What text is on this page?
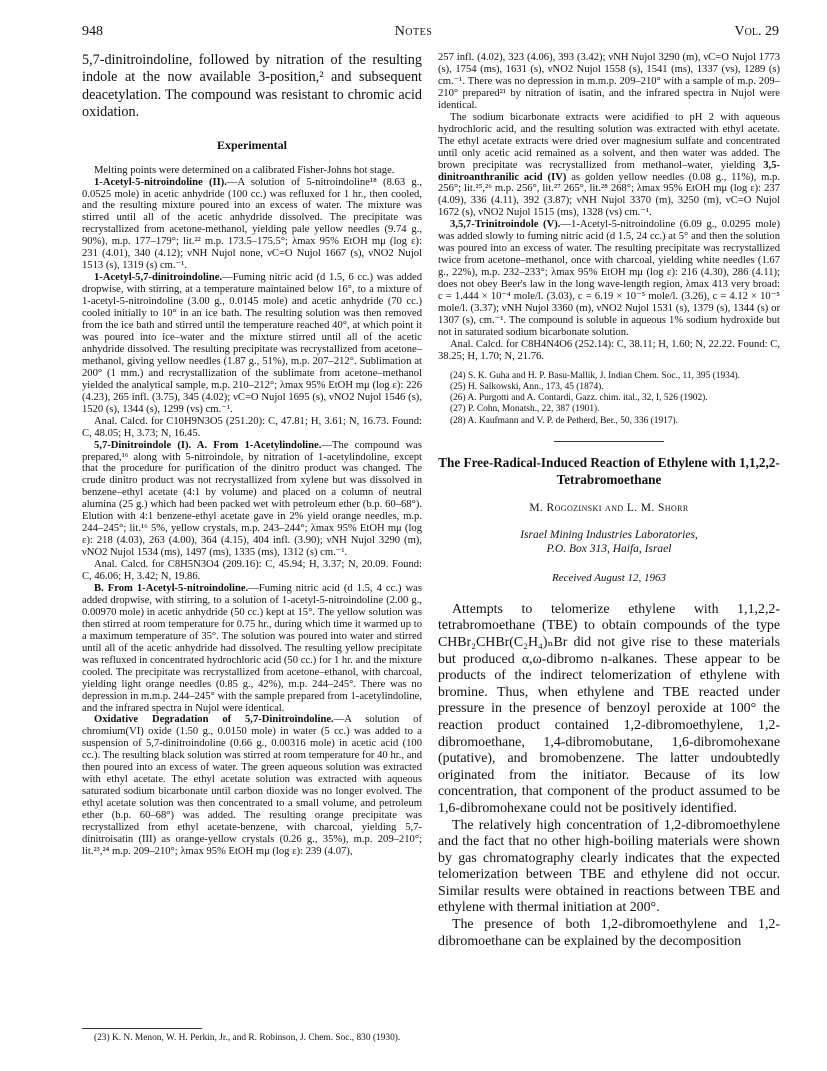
948	Notes	Vol. 29

5,7-dinitroindoline, followed by nitration of the resulting indole at the now available 3-position,² and subsequent deacetylation. The compound was resistant to chromic acid oxidation.

Experimental

Melting points were determined on a calibrated Fisher-Johns hot stage.

1-Acetyl-5-nitroindoline (II).—A solution of 5-nitroindoline¹⁸ (8.63 g., 0.0525 mole) in acetic anhydride (100 cc.) was refluxed for 1 hr., then cooled, and the resulting mixture poured into an excess of water. The mixture was stirred until all of the acetic anhydride dissolved. The precipitate was recrystallized from acetone-methanol, yielding pale yellow needles (9.74 g., 90%), m.p. 177–179°; lit.²² m.p. 173.5–175.5°; λmax 95% EtOH mμ (log ε): 231 (4.01), 340 (4.12); νNH Nujol none, νC=O Nujol 1667 (s), νNO2 Nujol 1513 (s), 1319 (s) cm.⁻¹.

1-Acetyl-5,7-dinitroindoline.—Fuming nitric acid (d 1.5, 6 cc.) was added dropwise, with stirring, at a temperature maintained below 16°, to a mixture of 1-acetyl-5-nitroindoline (3.00 g., 0.0145 mole) and acetic anhydride (70 cc.) cooled initially to 10° in an ice bath. The resulting solution was then removed from the ice bath and stirred until the temperature reached 40°, at which point it was poured into ice–water and the mixture stirred until all of the acetic anhydride dissolved. The resulting precipitate was recrystallized from acetone–methanol, giving yellow needles (1.87 g., 51%), m.p. 207–212°. Sublimation at 200° (1 mm.) and recrystallization of the sublimate from acetone–methanol yielded the analytical sample, m.p. 210–212°; λmax 95% EtOH mμ (log ε): 226 (4.23), 265 infl. (3.75), 345 (4.02); νC=O Nujol 1695 (s), νNO2 Nujol 1546 (s), 1520 (s), 1344 (s), 1299 (vs) cm.⁻¹.

Anal. Calcd. for C10H9N3O5 (251.20): C, 47.81; H, 3.61; N, 16.73. Found: C, 48.05; H, 3.73; N, 16.45.

5,7-Dinitroindole (I). A. From 1-Acetylindoline.—The compound was prepared,¹⁶ along with 5-nitroindole, by nitration of 1-acetylindoline, except that the procedure for purification of the dinitro product was changed. The crude dinitro product was not recrystallized from xylene but was dissolved in benzene–ethyl acetate (4:1 by volume) and placed on a column of neutral alumina (25 g.) which had been packed wet with petroleum ether (b.p. 60–68°). Elution with 4:1 benzene-ethyl acetate gave in 2% yield orange needles, m.p. 244–245°; lit.¹⁶ 5%, yellow crystals, m.p. 243–244°; λmax 95% EtOH mμ (log ε): 218 (4.03), 263 (4.00), 364 (4.15), 404 infl. (3.90); νNH Nujol 3290 (m), νNO2 Nujol 1534 (ms), 1497 (ms), 1335 (ms), 1312 (s) cm.⁻¹.

Anal. Calcd. for C8H5N3O4 (209.16): C, 45.94; H, 3.37; N, 20.09. Found: C, 46.06; H, 3.42; N, 19.86.

B. From 1-Acetyl-5-nitroindoline.—Fuming nitric acid (d 1.5, 4 cc.) was added dropwise, with stirring, to a solution of 1-acetyl-5-nitroindoline (2.00 g., 0.00970 mole) in acetic anhydride (50 cc.) kept at 15°. The yellow solution was then stirred at room temperature for 0.75 hr., during which time it warmed up to a maximum temperature of 35°. The solution was poured into water and stirred until all of the acetic anhydride had dissolved. The resulting yellow precipitate was refluxed in concentrated hydrochloric acid (50 cc.) for 1 hr. and the mixture cooled. The precipitate was recrystallized from acetone–ethanol, with charcoal, yielding light orange needles (0.85 g., 42%), m.p. 244–245°. There was no depression in m.m.p. 244–245° with the sample prepared from 1-acetylindoline, and the infrared spectra in Nujol were identical.

Oxidative Degradation of 5,7-Dinitroindoline.—A solution of chromium(VI) oxide (1.50 g., 0.0150 mole) in water (5 cc.) was added to a suspension of 5,7-dinitroindoline (0.66 g., 0.00316 mole) in acetic acid (100 cc.). The resulting black solution was stirred at room temperature for 40 hr., and then poured into an excess of water. The green aqueous solution was extracted with ethyl acetate. The ethyl acetate solution was extracted with aqueous saturated sodium bicarbonate until carbon dioxide was no longer evolved. The ethyl acetate solution was then concentrated to a small volume, and petroleum ether (b.p. 60–68°) was added. The resulting orange precipitate was recrystallized from ethyl acetate-benzene, with charcoal, yielding 5,7-dinitroisatin (III) as orange-yellow crystals (0.26 g., 35%), m.p. 209–210°; lit.²³,²⁴ m.p. 209–210°; λmax 95% EtOH mμ (log ε): 239 (4.07),

(23) K. N. Menon, W. H. Perkin, Jr., and R. Robinson, J. Chem. Soc., 830 (1930).

257 infl. (4.02), 323 (4.06), 393 (3.42); νNH Nujol 3290 (m), νC=O Nujol 1773 (s), 1754 (ms), 1631 (s), νNO2 Nujol 1558 (s), 1541 (ms), 1337 (vs), 1289 (s) cm.⁻¹. There was no depression in m.m.p. 209–210° with a sample of m.p. 209–210° prepared²¹ by nitration of isatin, and the infrared spectra in Nujol were identical.

The sodium bicarbonate extracts were acidified to pH 2 with aqueous hydrochloric acid, and the resulting solution was extracted with ethyl acetate. The ethyl acetate extracts were dried over magnesium sulfate and concentrated until only acetic acid remained as a solvent, and then water was added. The brown precipitate was recrystallized from methanol–water, yielding 3,5-dinitroanthranilic acid (IV) as golden yellow needles (0.08 g., 11%), m.p. 256°; lit.²⁵,²⁶ m.p. 256°, lit.²⁷ 265°, lit.²⁸ 268°; λmax 95% EtOH mμ (log ε): 237 (4.09), 336 (4.11), 392 (3.87); νNH Nujol 3370 (m), 3250 (m), νC=O Nujol 1672 (s), νNO2 Nujol 1515 (ms), 1328 (vs) cm.⁻¹.

3,5,7-Trinitroindole (V).—1-Acetyl-5-nitroindoline (6.09 g., 0.0295 mole) was added slowly to fuming nitric acid (d 1.5, 24 cc.) at 5° and then the solution was poured into an excess of water. The resulting precipitate was recrystallized twice from acetone–methanol, once with charcoal, yielding white needles (1.67 g., 22%), m.p. 232–233°; λmax 95% EtOH mμ (log ε): 216 (4.30), 286 (4.11); does not obey Beer's law in the long wave-length region, λmax 413 very broad: c = 1.444 × 10⁻⁴ mole/l. (3.03), c = 6.19 × 10⁻⁵ mole/l. (3.26), c = 4.12 × 10⁻⁵ mole/l. (3.37); νNH Nujol 3360 (m), νNO2 Nujol 1531 (s), 1379 (s), 1344 (s) or 1307 (s), cm.⁻¹. The compound is soluble in aqueous 1% sodium hydroxide but not in saturated sodium bicarbonate solution.

Anal. Calcd. for C8H4N4O6 (252.14): C, 38.11; H, 1.60; N, 22.22. Found: C, 38.25; H, 1.70; N, 21.76.

(24) S. K. Guha and H. P. Basu-Mallik, J. Indian Chem. Soc., 11, 395 (1934).

(25) H. Salkowski, Ann., 173, 45 (1874).

(26) A. Purgotti and A. Contardi, Gazz. chim. ital., 32, I, 526 (1902).

(27) P. Cohn, Monatsh., 22, 387 (1901).

(28) A. Kaufmann and V. P. de Petherd, Ber., 50, 336 (1917).

The Free-Radical-Induced Reaction of Ethylene with 1,1,2,2-Tetrabromoethane

M. Rogozinski and L. M. Shorr

Israel Mining Industries Laboratories,
P.O. Box 313, Haifa, Israel

Received August 12, 1963

Attempts to telomerize ethylene with 1,1,2,2-tetrabromoethane (TBE) to obtain compounds of the type CHBr₂CHBr(C₂H₄)ₙBr did not give rise to these materials but produced α,ω-dibromo n-alkanes. These appear to be products of the indirect telomerization of ethylene with bromine. Thus, when ethylene and TBE reacted under pressure in the presence of benzoyl peroxide at 100° the reaction product contained 1,2-dibromoethylene, 1,2-dibromoethane, 1,4-dibromobutane, 1,6-dibromohexane (putative), and bromobenzene. The latter undoubtedly originated from the initiator. Because of its low concentration, that component of the product assumed to be 1,6-dibromohexane could not be positively identified.

The relatively high concentration of 1,2-dibromoethylene and the fact that no other high-boiling materials were shown by gas chromatography clearly indicates that the expected telomerization between TBE and ethylene did not occur. Similar results were obtained in reactions between TBE and ethylene with thermal initiation at 200°.

The presence of both 1,2-dibromoethylene and 1,2-dibromoethane can be explained by the decomposition
